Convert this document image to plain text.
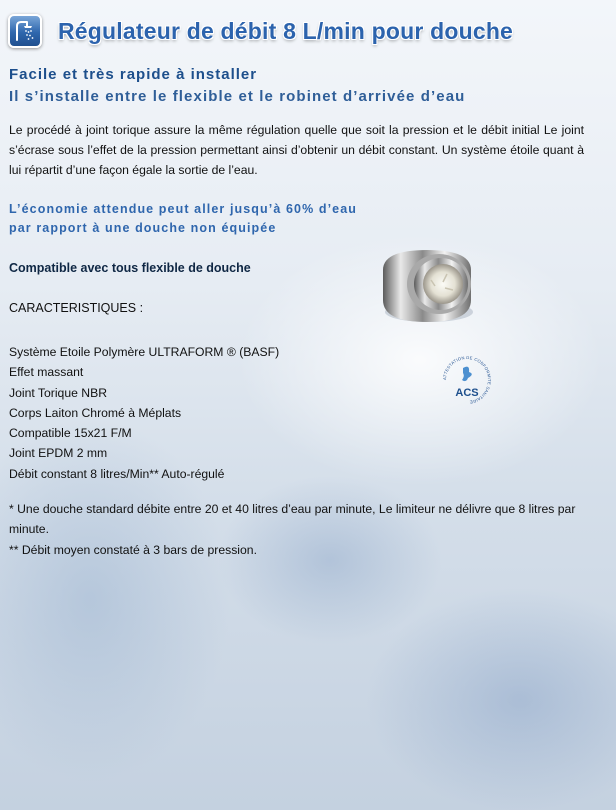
Régulateur de débit 8 L/min pour douche
Facile et très rapide à installer
Il s’installe entre le flexible et le robinet d’arrivée d’eau

Le procédé à joint torique assure la même régulation quelle que soit la pression et le débit initial Le joint s’écrase sous l’effet de la pression permettant ainsi d’obtenir un débit constant. Un système étoile quant à lui répartit d’une façon égale la sortie de l’eau.

L’économie attendue peut aller jusqu’à 60% d’eau
par rapport à une douche non équipée

Compatible avec tous flexible de douche

CARACTERISTIQUES :

Système Etoile Polymère ULTRAFORM ® (BASF)
Effet massant
Joint Torique NBR
Corps Laiton Chromé à Méplats
Compatible 15x21 F/M
Joint EPDM 2 mm
Débit constant 8 litres/Min** Auto-régulé

* Une douche standard débite entre 20 et 40 litres d’eau par minute, Le limiteur ne délivre que 8 litres par minute.

** Débit moyen constaté à 3 bars de pression.

ATTESTATION DE CONFORMITE SANITAIRE
ACS
